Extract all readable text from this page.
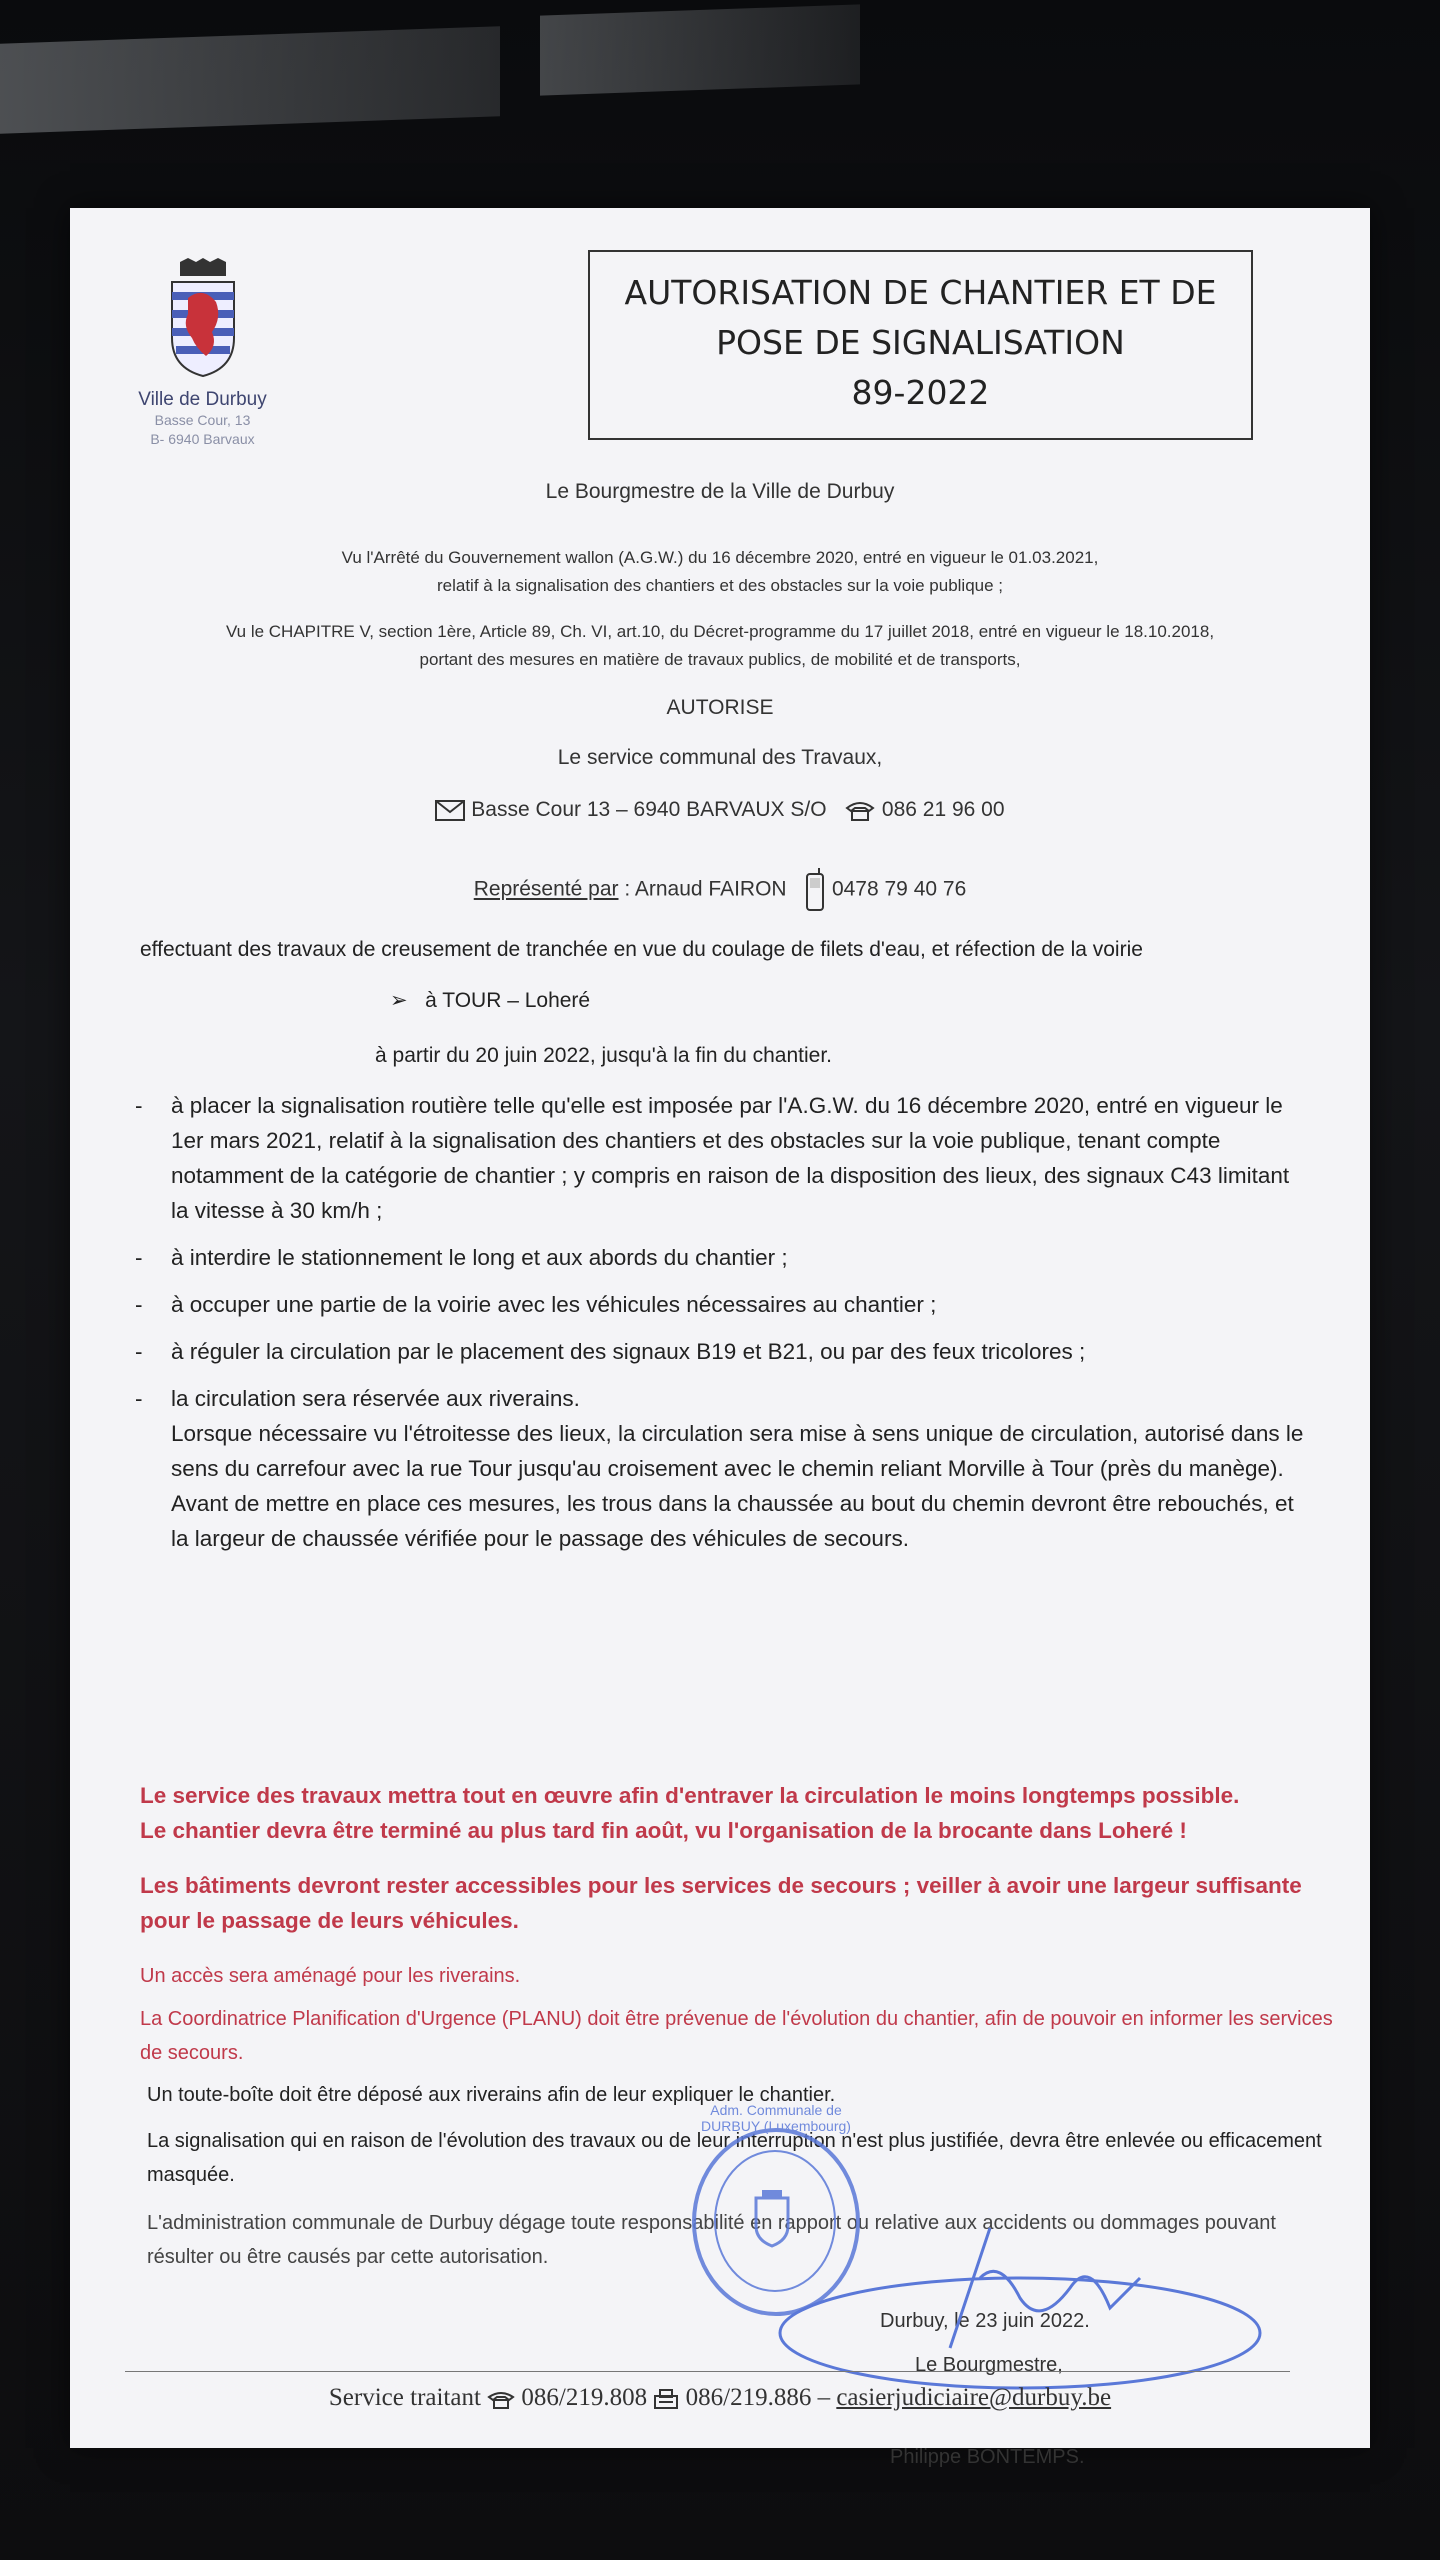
Ville de Durbuy
Basse Cour, 13
B- 6940 Barvaux
AUTORISATION DE CHANTIER ET DE
POSE DE SIGNALISATION
89-2022
Le Bourgmestre de la Ville de Durbuy
Vu l'Arrêté du Gouvernement wallon (A.G.W.) du 16 décembre 2020, entré en vigueur le 01.03.2021,
relatif à la signalisation des chantiers et des obstacles sur la voie publique ;
Vu le CHAPITRE V, section 1ère, Article 89, Ch. VI, art.10, du Décret-programme du 17 juillet 2018, entré en vigueur le 18.10.2018,
portant des mesures en matière de travaux publics, de mobilité et de transports,
AUTORISE
Le service communal des Travaux,
Basse Cour 13 – 6940 BARVAUX S/O	086 21 96 00
Représenté par : Arnaud FAIRON 0478 79 40 76
effectuant des travaux de creusement de tranchée en vue du coulage de filets d'eau, et réfection de la voirie
➢   à TOUR – Loheré
à partir du 20 juin 2022, jusqu'à la fin du chantier.
- à placer la signalisation routière telle qu'elle est imposée par l'A.G.W. du 16 décembre 2020, entré en vigueur le 1er mars 2021, relatif à la signalisation des chantiers et des obstacles sur la voie publique, tenant compte notamment de la catégorie de chantier ; y compris en raison de la disposition des lieux, des signaux C43 limitant la vitesse à 30 km/h ;
- à interdire le stationnement le long et aux abords du chantier ;
- à occuper une partie de la voirie avec les véhicules nécessaires au chantier ;
- à réguler la circulation par le placement des signaux B19 et B21, ou par des feux tricolores ;
- la circulation sera réservée aux riverains.
Lorsque nécessaire vu l'étroitesse des lieux, la circulation sera mise à sens unique de circulation, autorisé dans le sens du carrefour avec la rue Tour jusqu'au croisement avec le chemin reliant Morville à Tour (près du manège). Avant de mettre en place ces mesures, les trous dans la chaussée au bout du chemin devront être rebouchés, et la largeur de chaussée vérifiée pour le passage des véhicules de secours.
Le service des travaux mettra tout en œuvre afin d'entraver la circulation le moins longtemps possible.
Le chantier devra être terminé au plus tard fin août, vu l'organisation de la brocante dans Loheré !
Les bâtiments devront rester accessibles pour les services de secours ; veiller à avoir une largeur suffisante pour le passage de leurs véhicules.
Un accès sera aménagé pour les riverains.
La Coordinatrice Planification d'Urgence (PLANU) doit être prévenue de l'évolution du chantier, afin de pouvoir en informer les services de secours.
Un toute-boîte doit être déposé aux riverains afin de leur expliquer le chantier.
La signalisation qui en raison de l'évolution des travaux ou de leur interruption n'est plus justifiée, devra être enlevée ou efficacement masquée.
L'administration communale de Durbuy dégage toute responsabilité en rapport ou relative aux accidents ou dommages pouvant résulter ou être causés par cette autorisation.
Durbuy, le 23 juin 2022.
Le Bourgmestre,
Adm. Communale de DURBUY (Luxembourg)
Philippe BONTEMPS.
Service traitant 086/219.808 086/219.886 – casierjudiciaire@durbuy.be
